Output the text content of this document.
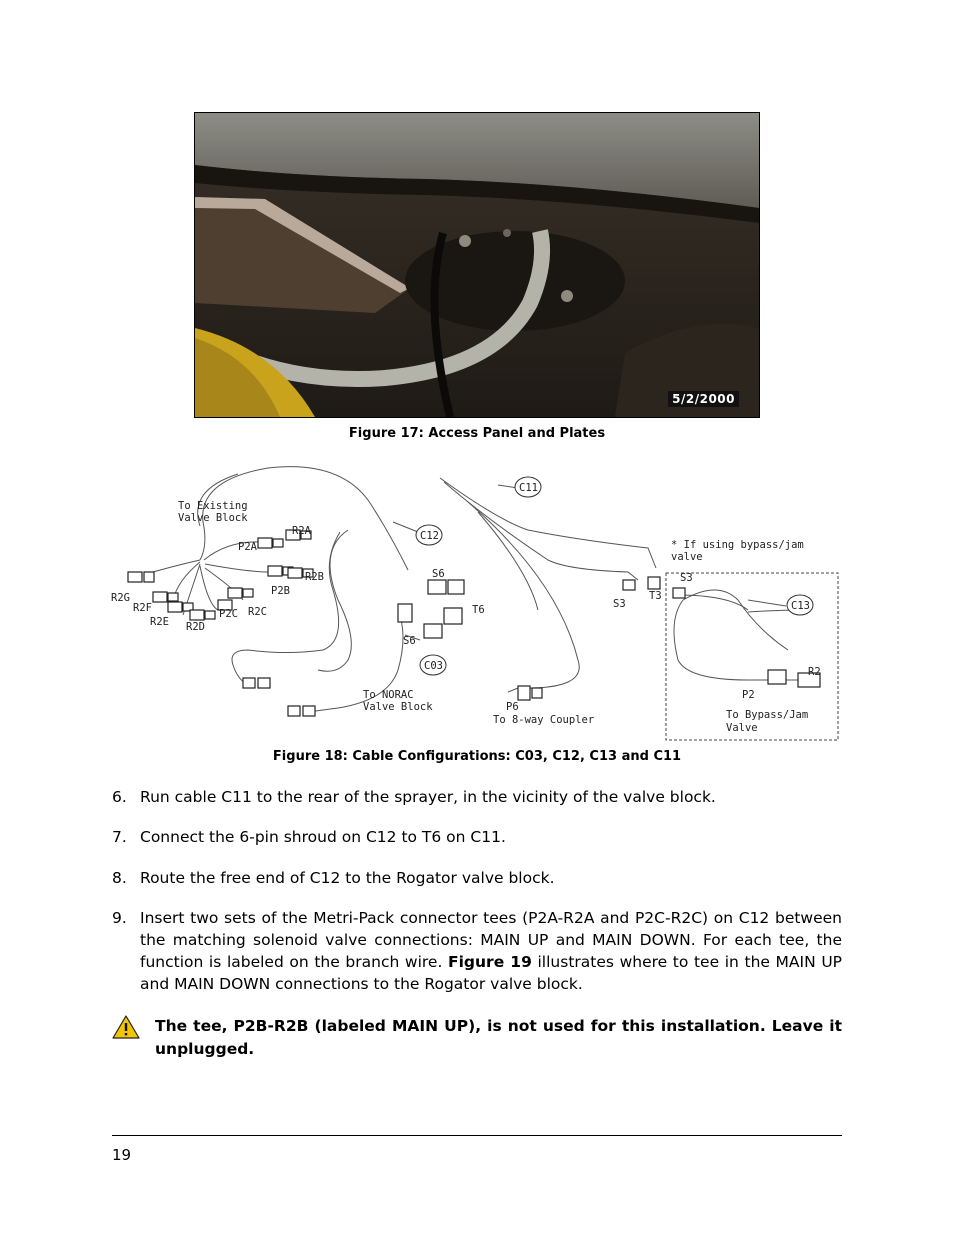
5/2/2000
Figure 17: Access Panel and Plates
To Existing
Valve Block
R2A
P2A
R2B
P2B
R2C
P2C
R2G
R2F
R2E R2D
C11
C12
C03
C13
S6
S6
T6	S3
T3
S3
* If using bypass/jam
valve
To NORAC
Valve Block	P6
To 8-way Coupler
R2
P2
To Bypass/Jam
Valve
Figure 18: Cable Configurations: C03, C12, C13 and C11
6. Run cable C11 to the rear of the sprayer, in the vicinity of the valve block.
7. Connect the 6-pin shroud on C12 to T6 on C11.
8. Route the free end of C12 to the Rogator valve block.
9. Insert two sets of the Metri-Pack connector tees (P2A-R2A and P2C-R2C) on C12 between the matching solenoid valve connections: MAIN UP and MAIN DOWN. For each tee, the function is labeled on the branch wire. Figure 19 illustrates where to tee in the MAIN UP and MAIN DOWN connections to the Rogator valve block.
The tee, P2B-R2B (labeled MAIN UP), is not used for this installation. Leave it unplugged.
19
